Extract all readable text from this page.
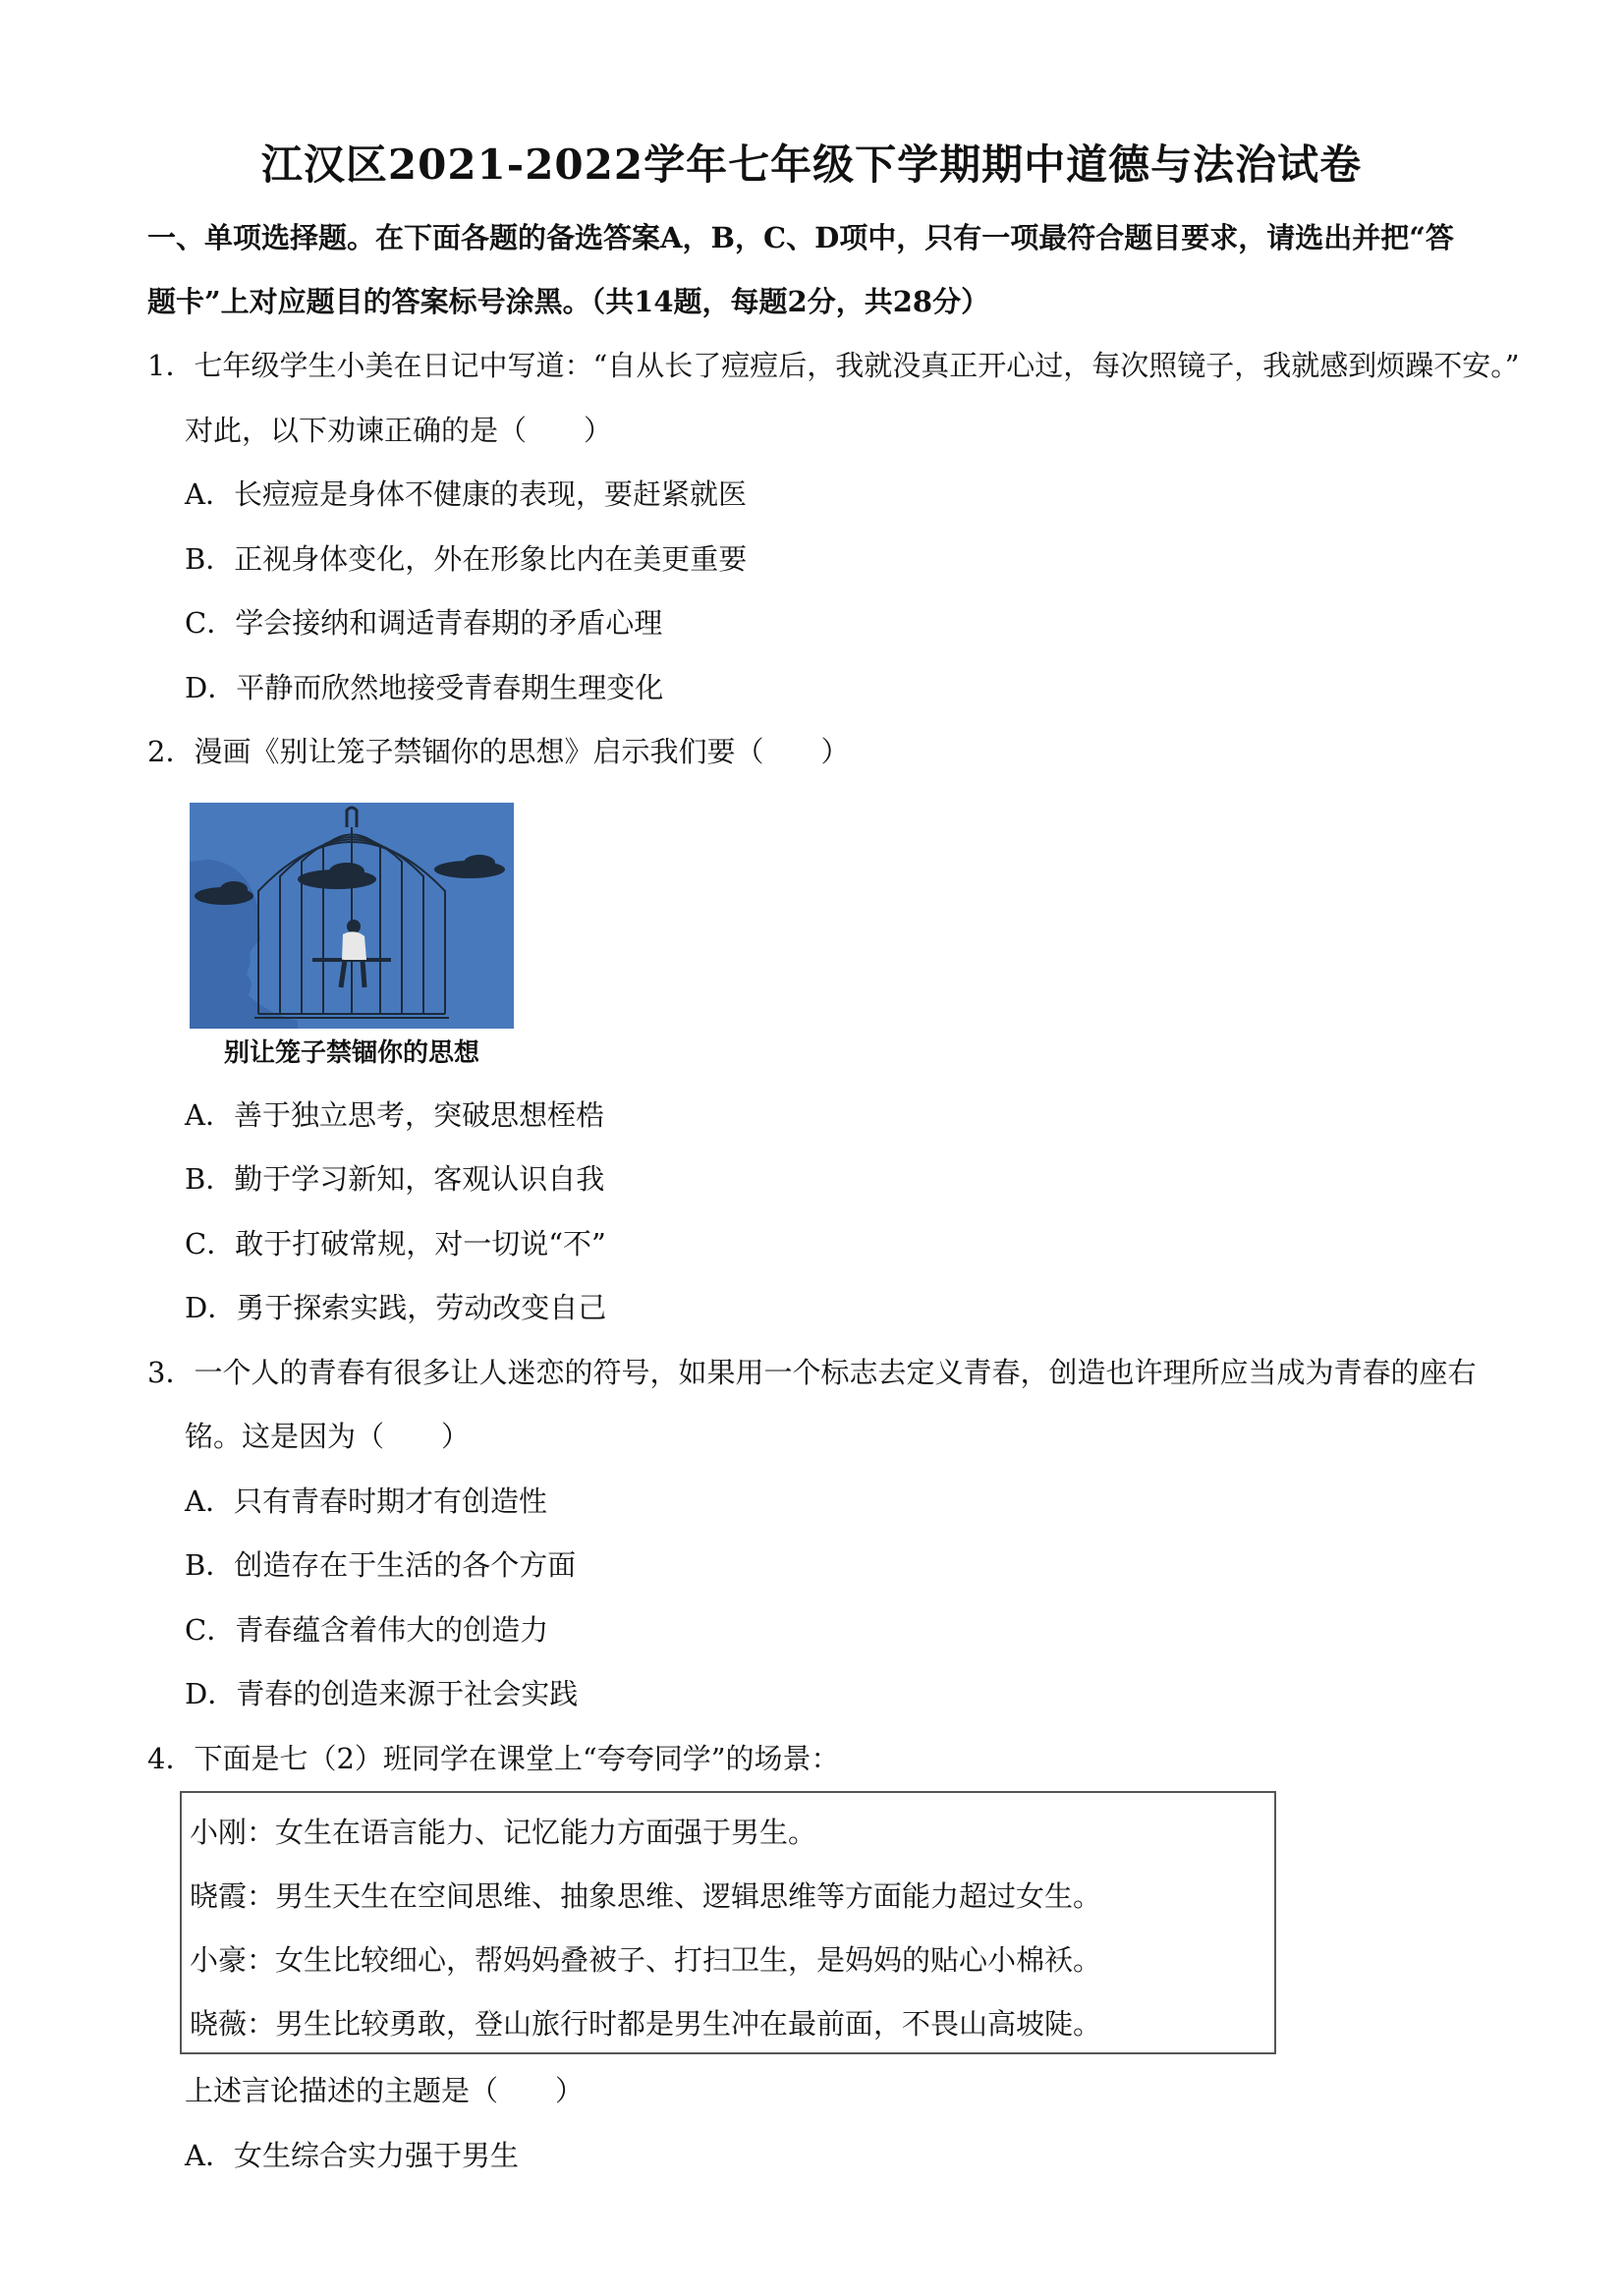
江汉区2021-2022学年七年级下学期期中道德与法治试卷
一、单项选择题。在下面各题的备选答案A，B，C、D项中，只有一项最符合题目要求，请选出并把“答
题卡”上对应题目的答案标号涂黑。（共14题，每题2分，共28分）
1．七年级学生小美在日记中写道：“自从长了痘痘后，我就没真正开心过，每次照镜子，我就感到烦躁不安。”
对此，以下劝谏正确的是（　　）
A．长痘痘是身体不健康的表现，要赶紧就医
B．正视身体变化，外在形象比内在美更重要
C．学会接纳和调适青春期的矛盾心理
D．平静而欣然地接受青春期生理变化
2．漫画《别让笼子禁锢你的思想》启示我们要（　　）
别让笼子禁锢你的思想
A．善于独立思考，突破思想桎梏
B．勤于学习新知，客观认识自我
C．敢于打破常规，对一切说“不”
D．勇于探索实践，劳动改变自己
3．一个人的青春有很多让人迷恋的符号，如果用一个标志去定义青春，创造也许理所应当成为青春的座右
铭。这是因为（　　）
A．只有青春时期才有创造性
B．创造存在于生活的各个方面
C．青春蕴含着伟大的创造力
D．青春的创造来源于社会实践
4．下面是七（2）班同学在课堂上“夸夸同学”的场景：
小刚：女生在语言能力、记忆能力方面强于男生。
晓霞：男生天生在空间思维、抽象思维、逻辑思维等方面能力超过女生。
小豪：女生比较细心，帮妈妈叠被子、打扫卫生，是妈妈的贴心小棉袄。
晓薇：男生比较勇敢，登山旅行时都是男生冲在最前面，不畏山高坡陡。
上述言论描述的主题是（　　）
A．女生综合实力强于男生
